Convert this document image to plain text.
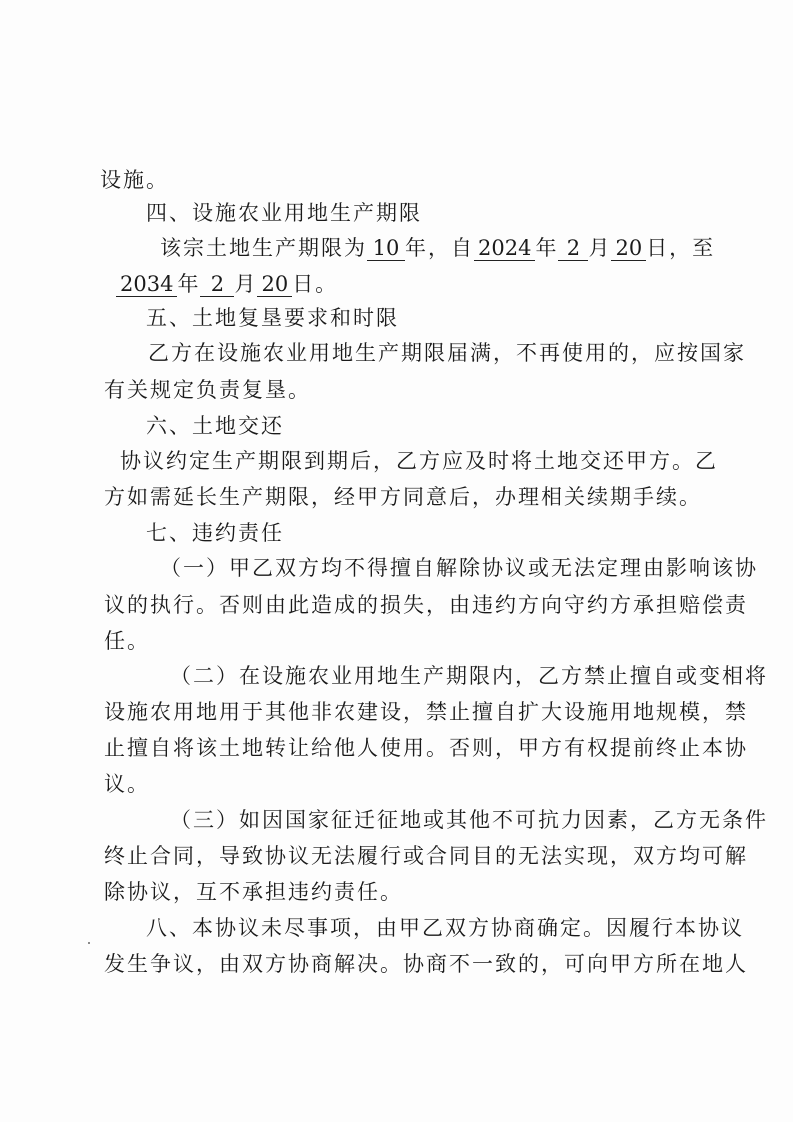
设施。
四、设施农业用地生产期限
该宗土地生产期限为 10 年，自 2024 年 2 月 20 日，至
2034 年 2 月 20 日。
五、土地复垦要求和时限
乙方在设施农业用地生产期限届满，不再使用的，应按国家
有关规定负责复垦。
六、土地交还
协议约定生产期限到期后，乙方应及时将土地交还甲方。乙
方如需延长生产期限，经甲方同意后，办理相关续期手续。
七、违约责任
（一）甲乙双方均不得擅自解除协议或无法定理由影响该协
议的执行。否则由此造成的损失，由违约方向守约方承担赔偿责
任。
（二）在设施农业用地生产期限内，乙方禁止擅自或变相将
设施农用地用于其他非农建设，禁止擅自扩大设施用地规模，禁
止擅自将该土地转让给他人使用。否则，甲方有权提前终止本协
议。
（三）如因国家征迁征地或其他不可抗力因素，乙方无条件
终止合同，导致协议无法履行或合同目的无法实现，双方均可解
除协议，互不承担违约责任。
八、本协议未尽事项，由甲乙双方协商确定。因履行本协议
发生争议，由双方协商解决。协商不一致的，可向甲方所在地人
